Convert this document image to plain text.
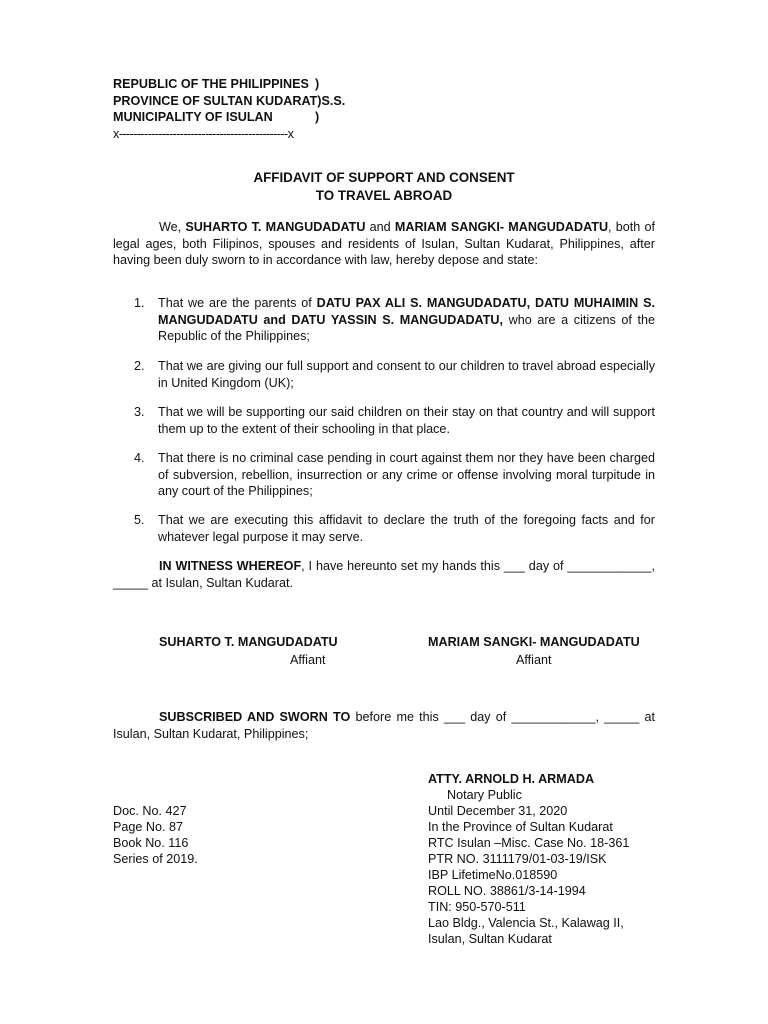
REPUBLIC OF THE PHILIPPINES )
PROVINCE OF SULTAN KUDARAT)S.S.
MUNICIPALITY OF ISULAN	)
x-----------------------------------------------x
AFFIDAVIT OF SUPPORT AND CONSENT
TO TRAVEL ABROAD
We, SUHARTO T. MANGUDADATU and MARIAM SANGKI- MANGUDADATU, both of legal ages, both Filipinos, spouses and residents of Isulan, Sultan Kudarat, Philippines, after having been duly sworn to in accordance with law, hereby depose and state:
1. That we are the parents of DATU PAX ALI S. MANGUDADATU, DATU MUHAIMIN S. MANGUDADATU and DATU YASSIN S. MANGUDADATU, who are a citizens of the Republic of the Philippines;
2. That we are giving our full support and consent to our children to travel abroad especially in United Kingdom (UK);
3. That we will be supporting our said children on their stay on that country and will support them up to the extent of their schooling in that place.
4. That there is no criminal case pending in court against them nor they have been charged of subversion, rebellion, insurrection or any crime or offense involving moral turpitude in any court of the Philippines;
5. That we are executing this affidavit to declare the truth of the foregoing facts and for whatever legal purpose it may serve.
IN WITNESS WHEREOF, I have hereunto set my hands this ___ day of ____________, _____ at Isulan, Sultan Kudarat.
SUHARTO T. MANGUDADATU
Affiant
MARIAM SANGKI- MANGUDADATU
Affiant
SUBSCRIBED AND SWORN TO before me this ___ day of ____________, _____ at Isulan, Sultan Kudarat, Philippines;
ATTY. ARNOLD H. ARMADA
Notary Public
Until December 31, 2020
In the Province of Sultan Kudarat
RTC Isulan –Misc. Case No. 18-361
PTR NO. 3111179/01-03-19/ISK
IBP LifetimeNo.018590
ROLL NO. 38861/3-14-1994
TIN: 950-570-511
Lao Bldg., Valencia St., Kalawag II,
Isulan, Sultan Kudarat
Doc. No. 427
Page No. 87
Book No. 116
Series of 2019.
